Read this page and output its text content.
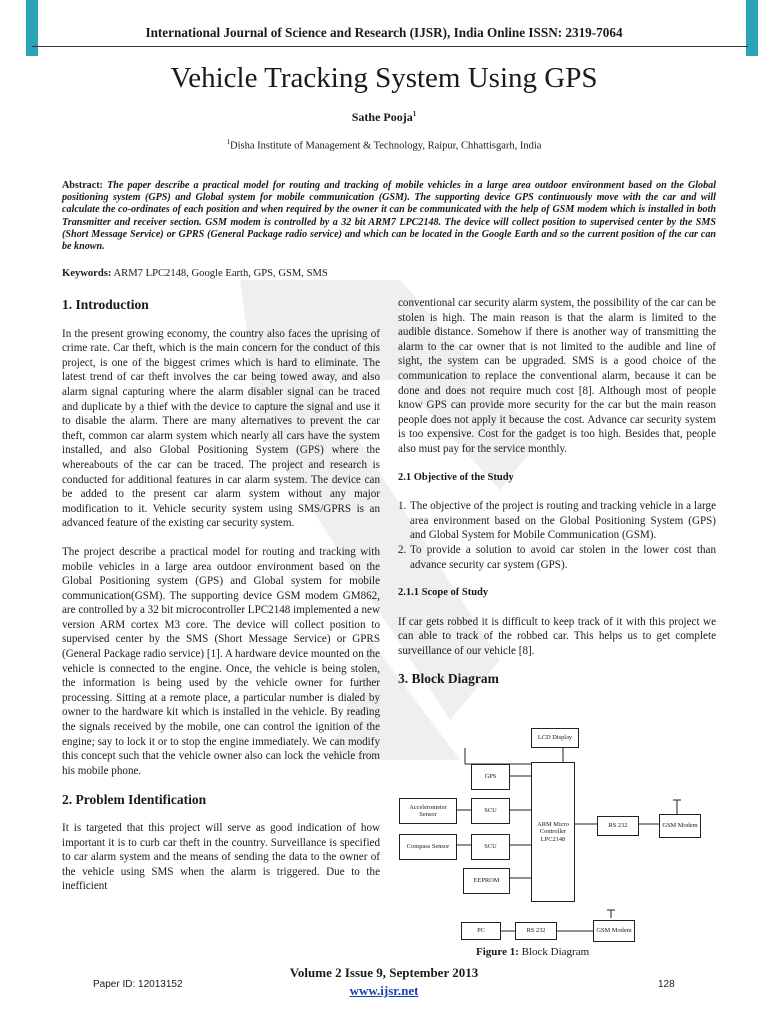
International Journal of Science and Research (IJSR), India Online ISSN: 2319-7064
Vehicle Tracking System Using GPS
Sathe Pooja$^1$
$^1$Disha Institute of Management & Technology, Raipur, Chhattisgarh, India
Abstract: The paper describe a practical model for routing and tracking of mobile vehicles in a large area outdoor environment based on the Global positioning system (GPS) and Global system for mobile communication (GSM). The supporting device GPS continuously move with the car and will calculate the co-ordinates of each position and when required by the owner it can be communicated with the help of GSM modem which is installed in both Transmitter and receiver section. GSM modem is controlled by a 32 bit ARM7 LPC2148. The device will collect position to supervised center by the SMS (Short Message Service) or GPRS (General Package radio service) and which can be located in the Google Earth and so the current position of the car can be known.
Keywords: ARM7 LPC2148, Google Earth, GPS, GSM, SMS
1. Introduction

In the present growing economy, the country also faces the uprising of crime rate. Car theft, which is the main concern for the conduct of this project, is one of the biggest crimes which is hard to eliminate. The latest trend of car theft involves the car being towed away, and also alarm signal capturing where the alarm disabler signal can be traced and duplicate by a thief with the device to capture the signal and use it to disable the alarm. There are many alternatives to prevent the car theft, common car alarm system which nearly all cars have the system installed, and also Global Positioning System (GPS) where the whereabouts of the car can be traced. The project and research is conducted for additional features in car alarm system. The device can be added to the present car alarm system without any major modification to it. Vehicle security system using SMS/GPRS is an advanced feature of the existing car security system.

The project describe a practical model for routing and tracking with mobile vehicles in a large area outdoor environment based on the Global Positioning system (GPS) and Global system for mobile communication(GSM). The supporting device GSM modem GM862, are controlled by a 32 bit microcontroller LPC2148 implemented a new version ARM cortex M3 core. The device will collect position to supervised center by the SMS (Short Message Service) or GPRS (General Package radio service) [1]. A hardware device mounted on the vehicle is connected to the engine. Once, the vehicle is being stolen, the information is being used by the vehicle owner for further processing. Sitting at a remote place, a particular number is dialed by owner to the hardware kit which is installed in the vehicle. By reading the signals received by the mobile, one can control the ignition of the engine; say to lock it or to stop the engine immediately. We can modify this concept such that the vehicle owner also can lock the vehicle from his mobile phone.

2. Problem Identification

It is targeted that this project will serve as good indication of how important it is to curb car theft in the country. Surveillance is specified to car alarm system and the means of sending the data to the owner of the vehicle using SMS when the alarm is triggered. Due to the inefficient

conventional car security alarm system, the possibility of the car can be stolen is high. The main reason is that the alarm is limited to the audible distance. Somehow if there is another way of transmitting the alarm to the car owner that is not limited to the audible and line of sight, the system can be upgraded. SMS is a good choice of the communication to replace the conventional alarm, because it can be done and does not require much cost [8]. Although most of people know GPS can provide more security for the car but the main reason people does not apply it because the cost. Advance car security system is too expensive. Cost for the gadget is too high. Besides that, people also must pay for the service monthly.

2.1 Objective of the Study
1. The objective of the project is routing and tracking vehicle in a large area environment based on the Global Positioning System (GPS) and Global System for Mobile Communication (GSM).
2. To provide a solution to avoid car stolen in the lower cost than advance security car system (GPS).
2.1.1 Scope of Study

If car gets robbed it is difficult to keep track of it with this project we can able to track of the robbed car. This helps us to get complete surveillance of our vehicle [8].

3. Block Diagram
LCD Display
GPS
Accelerometer Sensor
SCU
Compass Sensor	SCU
EEPROM
ARM Micro Controller LPC2148
RS 232	GSM Modem
PC	RS 232	GSM Modem
Figure 1: Block Diagram
Volume 2 Issue 9, September 2013
www.ijsr.net
Paper ID: 12013152	128
